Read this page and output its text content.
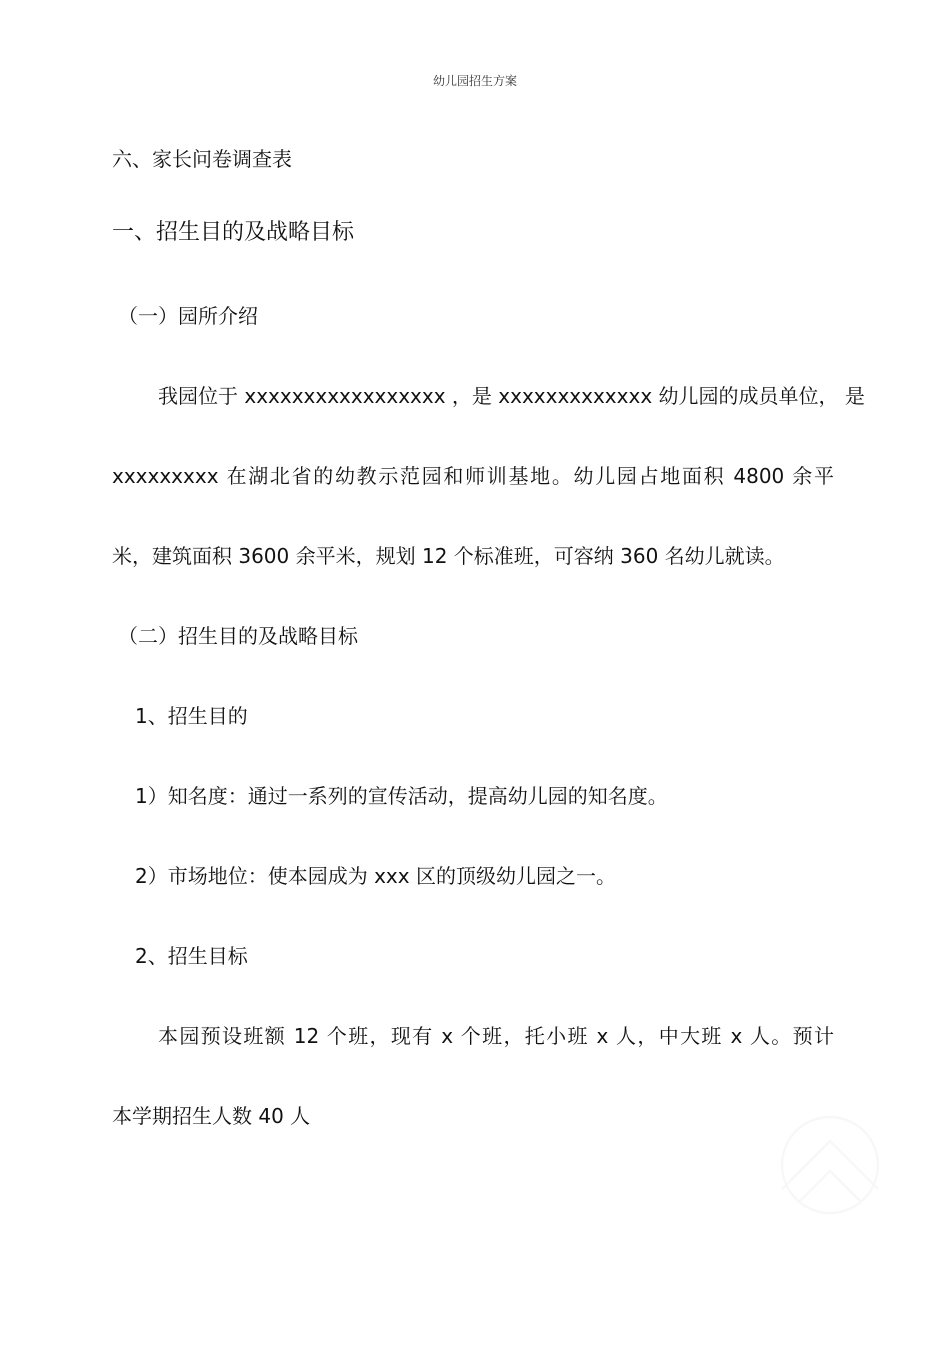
幼儿园招生方案
六、家长问卷调查表
一、招生目的及战略目标
（一）园所介绍
我园位于 xxxxxxxxxxxxxxxxx ，是 xxxxxxxxxxxxx 幼儿园的成员单位， 是
xxxxxxxxx 在湖北省的幼教示范园和师训基地。幼儿园占地面积 4800 余平
米，建筑面积 3600 余平米，规划 12 个标准班，可容纳 360 名幼儿就读。
（二）招生目的及战略目标
1、招生目的
1）知名度：通过一系列的宣传活动，提高幼儿园的知名度。
2）市场地位：使本园成为 xxx 区的顶级幼儿园之一。
2、招生目标
本园预设班额 12 个班，现有 x 个班，托小班 x 人，中大班 x 人。预计
本学期招生人数 40 人
